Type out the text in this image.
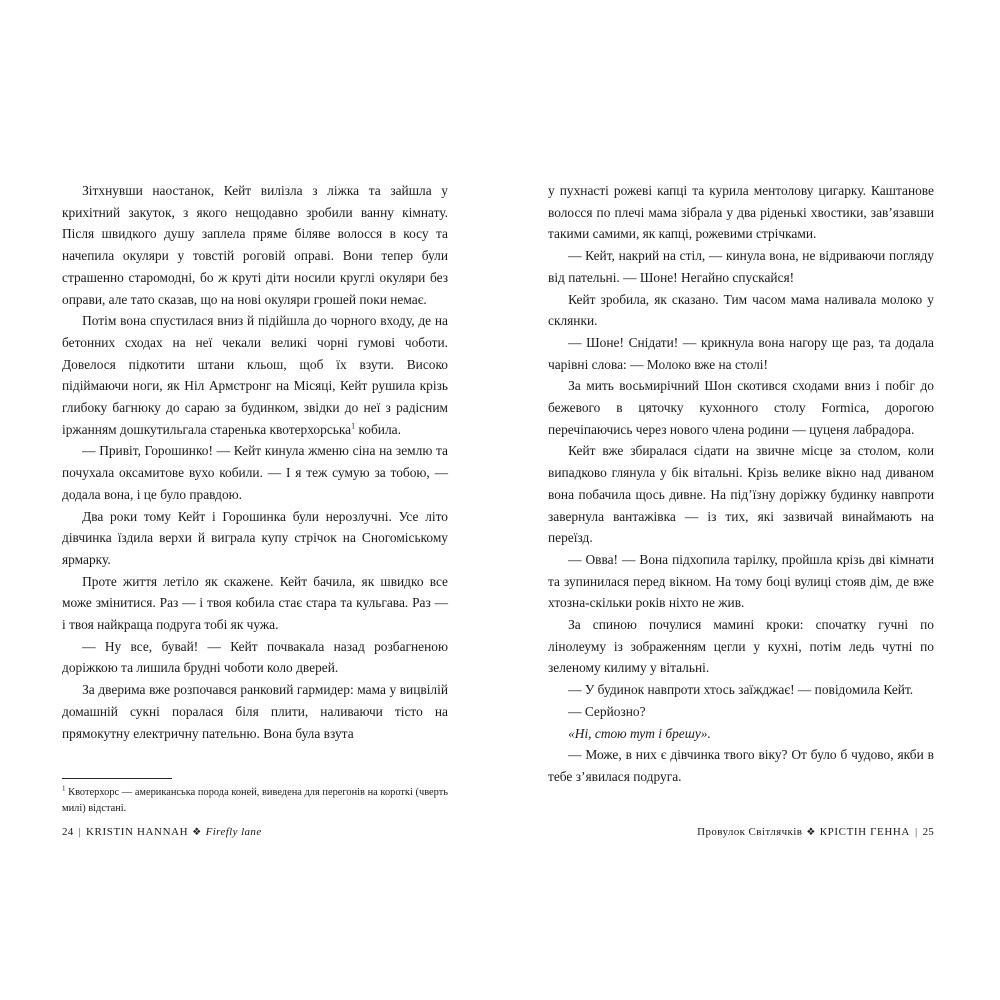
Зітхнувши наостанок, Кейт вилізла з ліжка та зайшла у крихітний закуток, з якого нещодавно зробили ванну кімнату. Після швидкого душу заплела пряме біляве волосся в косу та начепила окуляри у товстій роговій оправі. Вони тепер були страшенно старомодні, бо ж круті діти носили круглі окуляри без оправи, але тато сказав, що на нові окуляри грошей поки немає.

Потім вона спустилася вниз й підійшла до чорного входу, де на бетонних сходах на неї чекали великі чорні гумові чоботи. Довелося підкотити штани кльош, щоб їх взути. Високо підіймаючи ноги, як Ніл Армстронг на Місяці, Кейт рушила крізь глибоку багнюку до сараю за будинком, звідки до неї з радісним іржанням дошкутильгала старенька квотерхорська$^1$ кобила.

— Привіт, Горошинко! — Кейт кинула жменю сіна на землю та почухала оксамитове вухо кобили. — І я теж сумую за тобою, — додала вона, і це було правдою.

Два роки тому Кейт і Горошинка були нерозлучні. Усе літо дівчинка їздила верхи й виграла купу стрічок на Сногоміському ярмарку.

Проте життя летіло як скажене. Кейт бачила, як швидко все може змінитися. Раз — і твоя кобила стає стара та кульгава. Раз — і твоя найкраща подруга тобі як чужа.

— Ну все, бувай! — Кейт почвакала назад розбагненою доріжкою та лишила брудні чоботи коло дверей.

За дверима вже розпочався ранковий гармидер: мама у вицвілій домашній сукні поралася біля плити, наливаючи тісто на прямокутну електричну пательню. Вона була взута

$^1$ Квотерхорс — американська порода коней, виведена для перегонів на короткі (чверть милі) відстані.
24 | KRISTIN HANNAH ❖ Firefly lane

у пухнасті рожеві капці та курила ментолову цигарку. Каштанове волосся по плечі мама зібрала у два ріденькі хвостики, зав’язавши такими самими, як капці, рожевими стрічками.

— Кейт, накрий на стіл, — кинула вона, не відриваючи погляду від пательні. — Шоне! Негайно спускайся!

Кейт зробила, як сказано. Тим часом мама наливала молоко у склянки.

— Шоне! Снідати! — крикнула вона нагору ще раз, та додала чарівні слова: — Молоко вже на столі!

За мить восьмирічний Шон скотився сходами вниз і побіг до бежевого в цяточку кухонного столу Formica, дорогою перечіпаючись через нового члена родини — цуценя лабрадора.

Кейт вже збиралася сідати на звичне місце за столом, коли випадково глянула у бік вітальні. Крізь велике вікно над диваном вона побачила щось дивне. На під’їзну доріжку будинку навпроти завернула вантажівка — із тих, які зазвичай винаймають на переїзд.

— Овва! — Вона підхопила тарілку, пройшла крізь дві кімнати та зупинилася перед вікном. На тому боці вулиці стояв дім, де вже хтозна-скільки років ніхто не жив.

За спиною почулися мамині кроки: спочатку гучні по лінолеуму із зображенням цегли у кухні, потім ледь чутні по зеленому килиму у вітальні.

— У будинок навпроти хтось заїжджає! — повідомила Кейт.

— Серйозно?

«Ні, стою тут і брешу».

— Може, в них є дівчинка твого віку? От було б чудово, якби в тебе з’явилася подруга.

Провулок Світлячків ❖ КРІСТІН ГЕННА | 25
